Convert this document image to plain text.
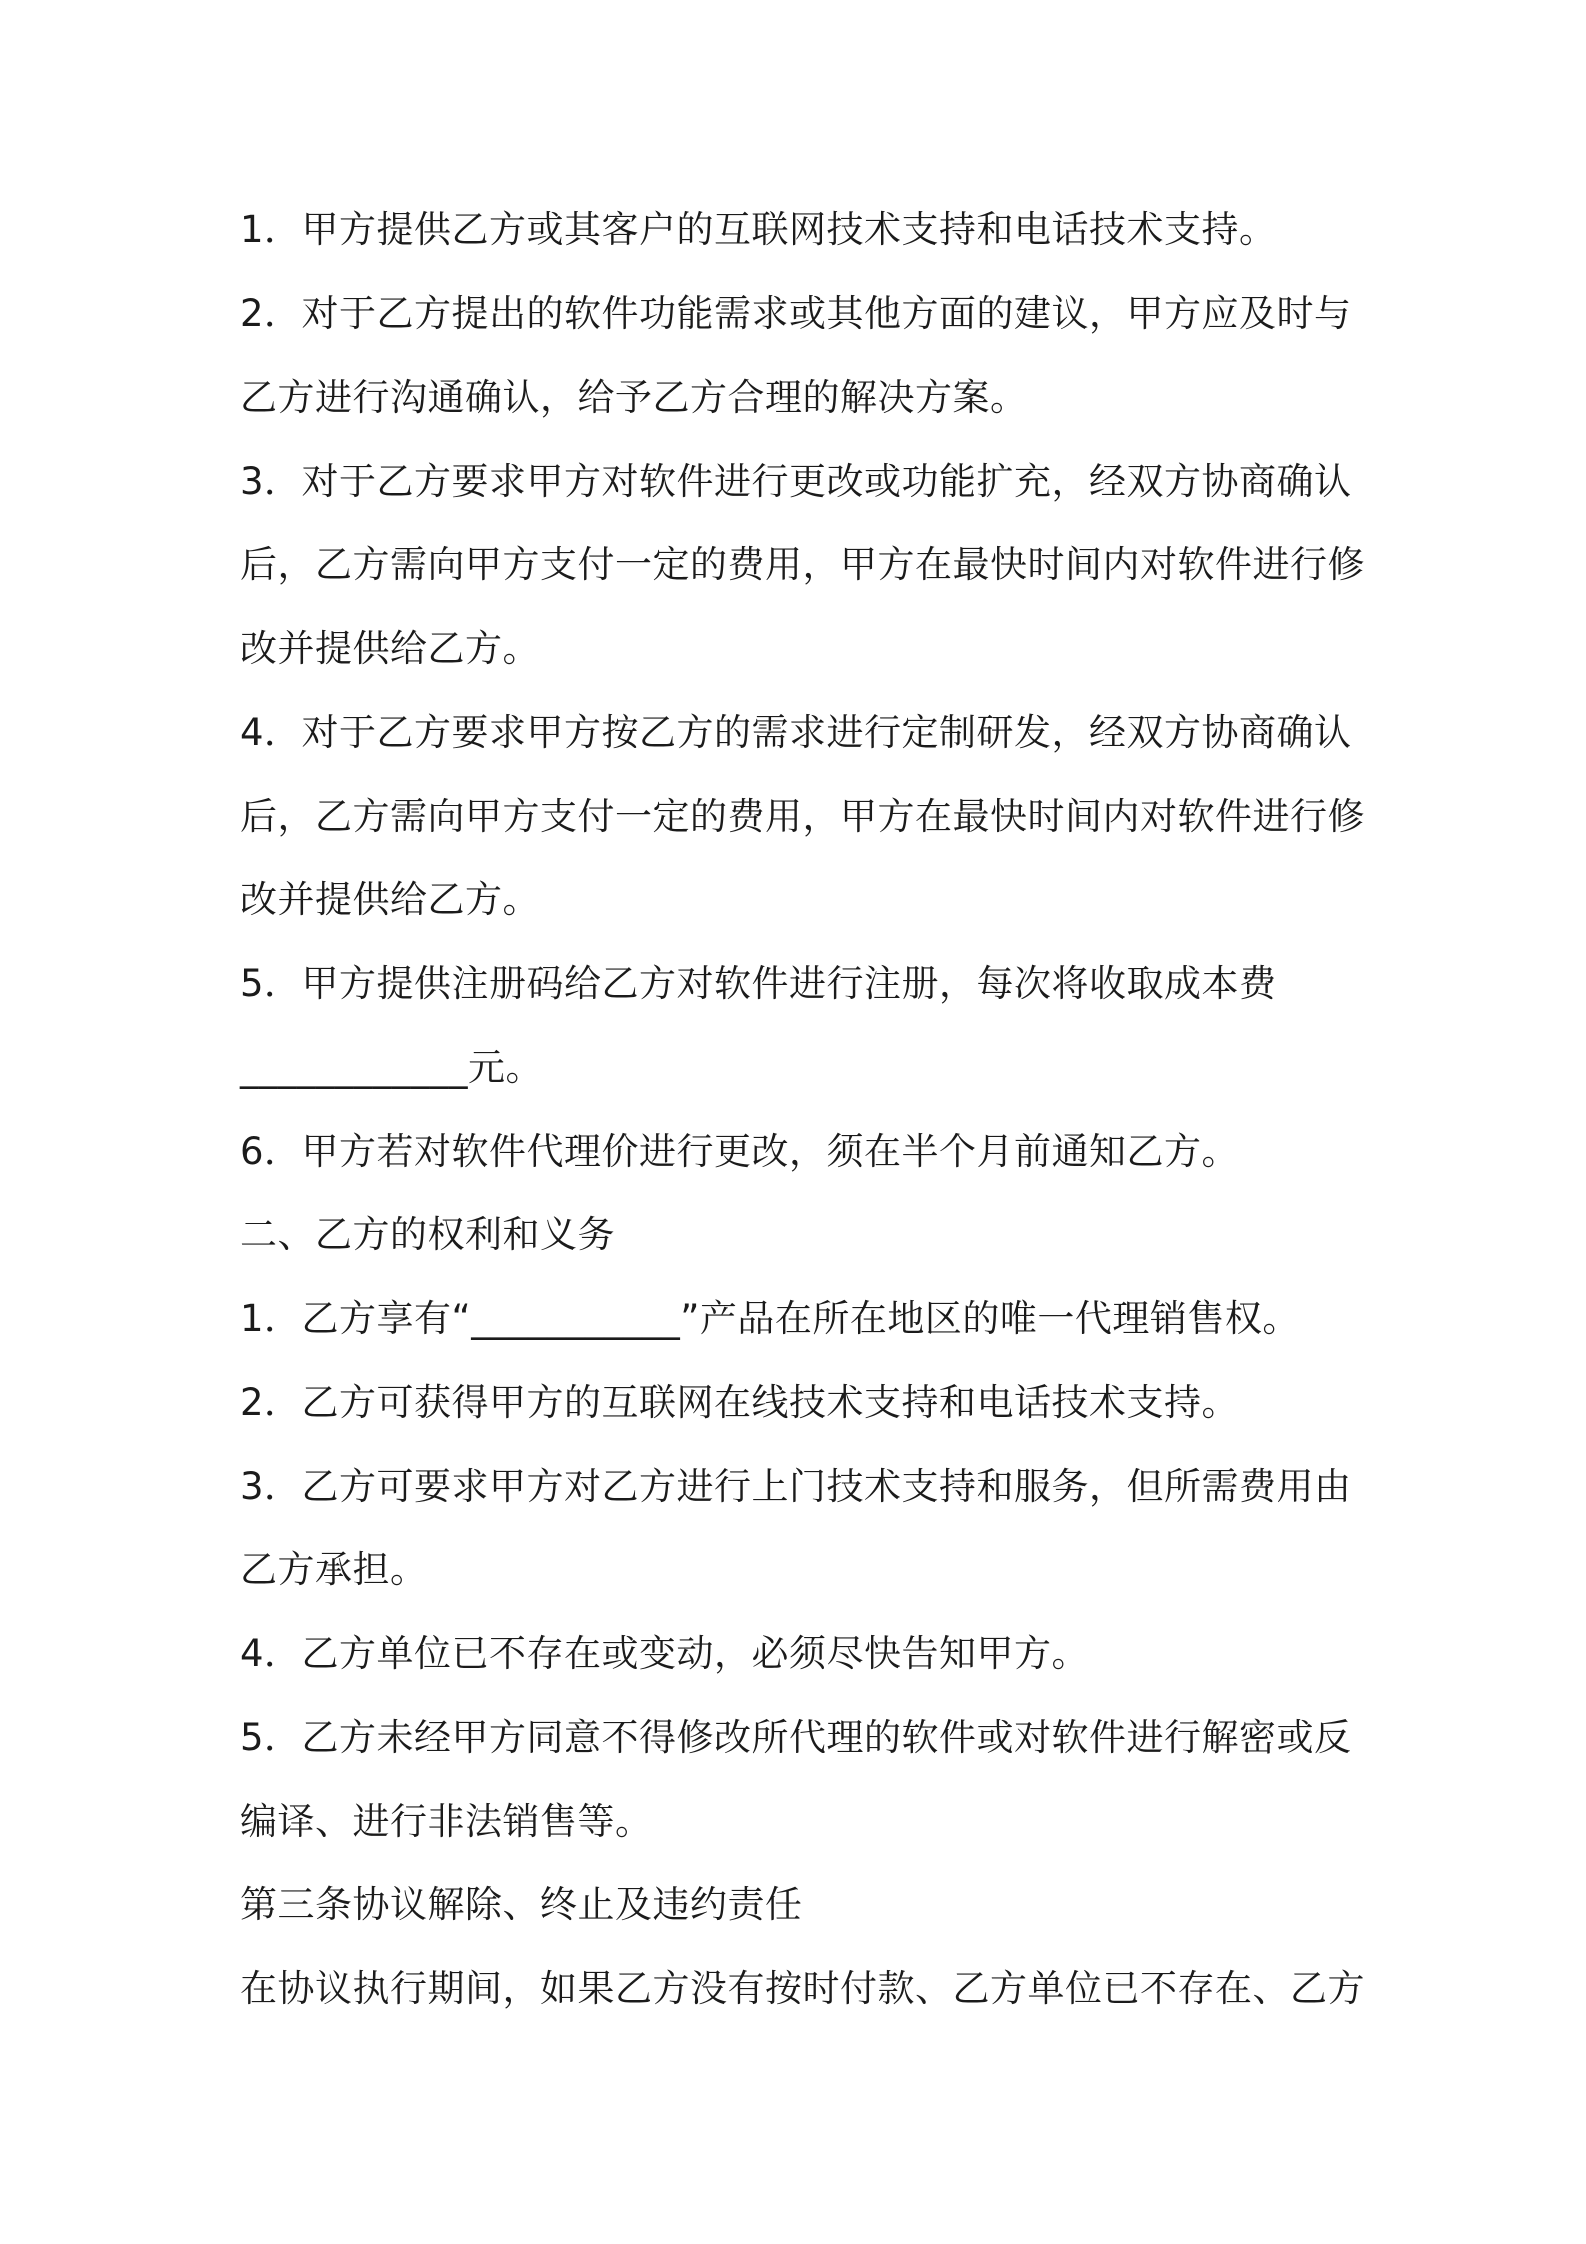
1．甲方提供乙方或其客户的互联网技术支持和电话技术支持。
2．对于乙方提出的软件功能需求或其他方面的建议，甲方应及时与
乙方进行沟通确认，给予乙方合理的解决方案。
3．对于乙方要求甲方对软件进行更改或功能扩充，经双方协商确认
后，乙方需向甲方支付一定的费用，甲方在最快时间内对软件进行修
改并提供给乙方。
4．对于乙方要求甲方按乙方的需求进行定制研发，经双方协商确认
后，乙方需向甲方支付一定的费用，甲方在最快时间内对软件进行修
改并提供给乙方。
5．甲方提供注册码给乙方对软件进行注册，每次将收取成本费
____________元。
6．甲方若对软件代理价进行更改，须在半个月前通知乙方。
二、乙方的权利和义务
1．乙方享有“___________”产品在所在地区的唯一代理销售权。
2．乙方可获得甲方的互联网在线技术支持和电话技术支持。
3．乙方可要求甲方对乙方进行上门技术支持和服务，但所需费用由
乙方承担。
4．乙方单位已不存在或变动，必须尽快告知甲方。
5．乙方未经甲方同意不得修改所代理的软件或对软件进行解密或反
编译、进行非法销售等。
第三条协议解除、终止及违约责任
在协议执行期间，如果乙方没有按时付款、乙方单位已不存在、乙方
